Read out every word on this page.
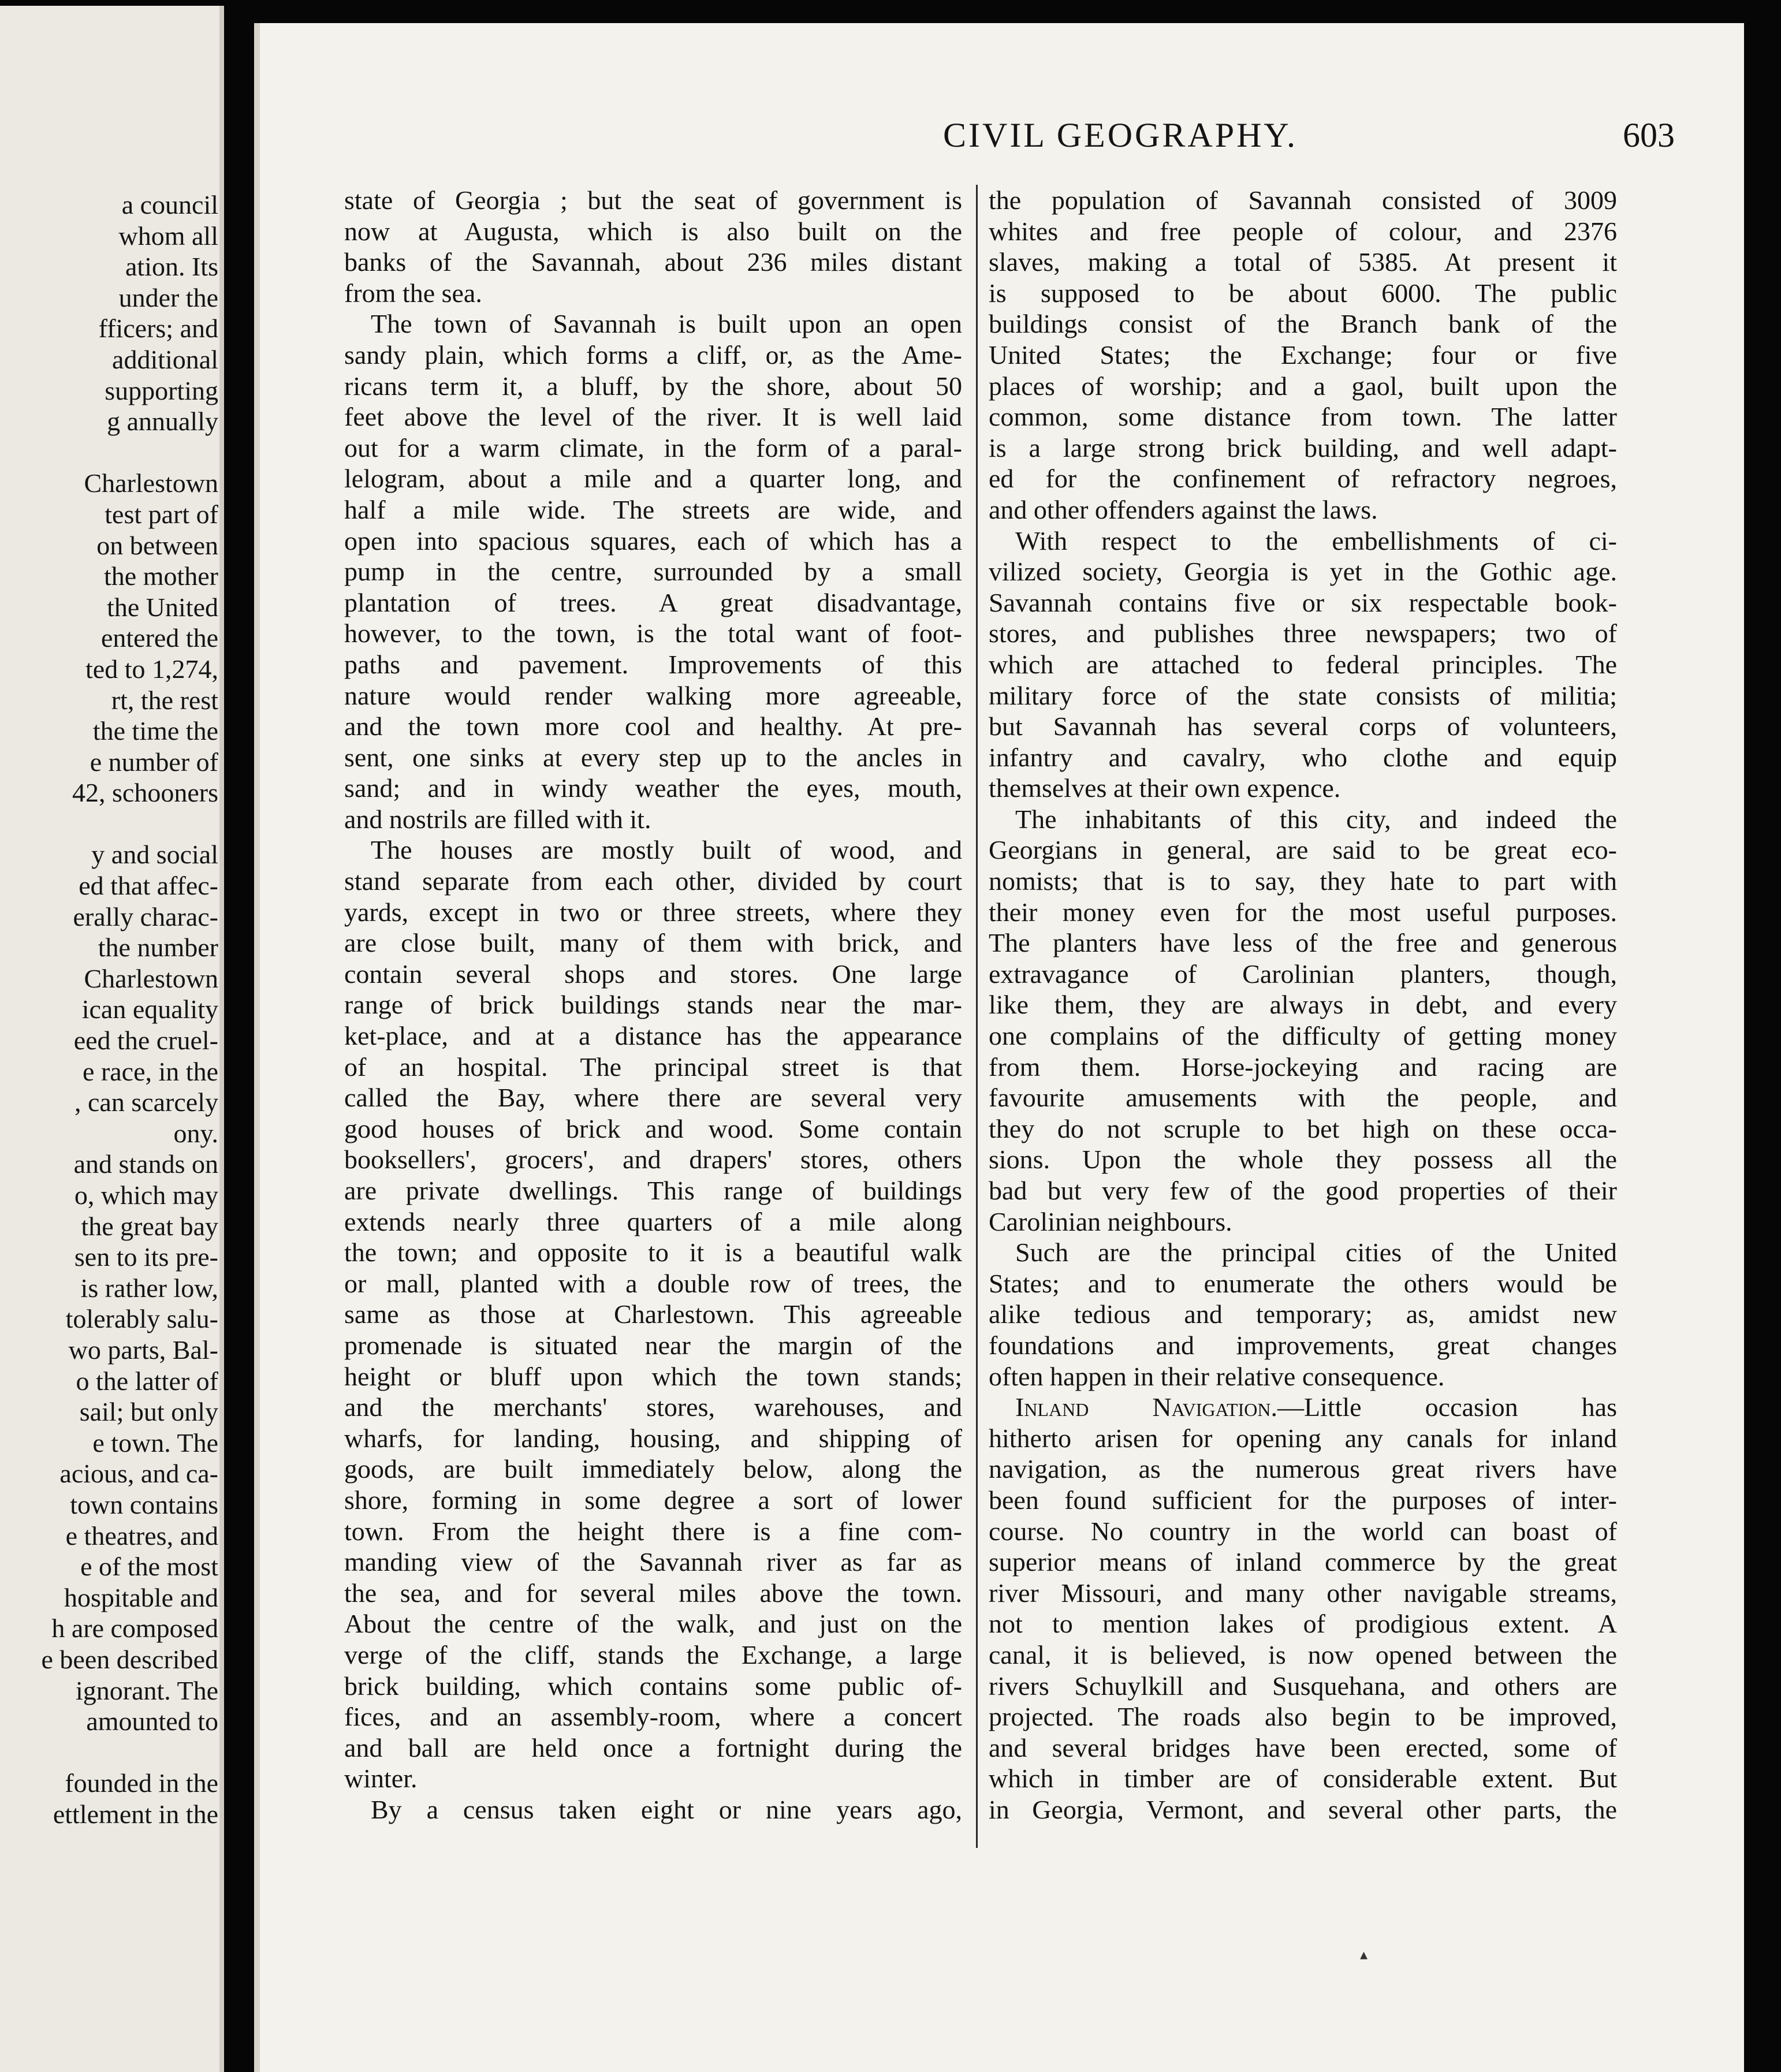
a council
whom all
ation. Its
under the
fficers; and
additional
supporting
g annually
Charlestown
test part of
on between
the mother
the United
entered the
ted to 1,274,
rt, the rest
the time the
e number of
42, schooners
y and social
ed that affec-
erally charac-
the number
Charlestown
ican equality
eed the cruel-
e race, in the
, can scarcely
ony.
and stands on
o, which may
the great bay
sen to its pre-
is rather low,
tolerably salu-
wo parts, Bal-
o the latter of
sail; but only
e town. The
acious, and ca-
town contains
e theatres, and
e of the most
hospitable and
h are composed
e been described
ignorant. The
amounted to
founded in the
ettlement in the
CIVIL GEOGRAPHY.	603
state of Georgia ; but the seat of government is
now at Augusta, which is also built on the
banks of the Savannah, about 236 miles distant
from the sea.
The town of Savannah is built upon an open
sandy plain, which forms a cliff, or, as the Ame-
ricans term it, a bluff, by the shore, about 50
feet above the level of the river. It is well laid
out for a warm climate, in the form of a paral-
lelogram, about a mile and a quarter long, and
half a mile wide. The streets are wide, and
open into spacious squares, each of which has a
pump in the centre, surrounded by a small
plantation of trees. A great disadvantage,
however, to the town, is the total want of foot-
paths and pavement. Improvements of this
nature would render walking more agreeable,
and the town more cool and healthy. At pre-
sent, one sinks at every step up to the ancles in
sand; and in windy weather the eyes, mouth,
and nostrils are filled with it.
The houses are mostly built of wood, and
stand separate from each other, divided by court
yards, except in two or three streets, where they
are close built, many of them with brick, and
contain several shops and stores. One large
range of brick buildings stands near the mar-
ket-place, and at a distance has the appearance
of an hospital. The principal street is that
called the Bay, where there are several very
good houses of brick and wood. Some contain
booksellers', grocers', and drapers' stores, others
are private dwellings. This range of buildings
extends nearly three quarters of a mile along
the town; and opposite to it is a beautiful walk
or mall, planted with a double row of trees, the
same as those at Charlestown. This agreeable
promenade is situated near the margin of the
height or bluff upon which the town stands;
and the merchants' stores, warehouses, and
wharfs, for landing, housing, and shipping of
goods, are built immediately below, along the
shore, forming in some degree a sort of lower
town. From the height there is a fine com-
manding view of the Savannah river as far as
the sea, and for several miles above the town.
About the centre of the walk, and just on the
verge of the cliff, stands the Exchange, a large
brick building, which contains some public of-
fices, and an assembly-room, where a concert
and ball are held once a fortnight during the
winter.
By a census taken eight or nine years ago,
the population of Savannah consisted of 3009
whites and free people of colour, and 2376
slaves, making a total of 5385. At present it
is supposed to be about 6000. The public
buildings consist of the Branch bank of the
United States; the Exchange; four or five
places of worship; and a gaol, built upon the
common, some distance from town. The latter
is a large strong brick building, and well adapt-
ed for the confinement of refractory negroes,
and other offenders against the laws.
With respect to the embellishments of ci-
vilized society, Georgia is yet in the Gothic age.
Savannah contains five or six respectable book-
stores, and publishes three newspapers; two of
which are attached to federal principles. The
military force of the state consists of militia;
but Savannah has several corps of volunteers,
infantry and cavalry, who clothe and equip
themselves at their own expence.
The inhabitants of this city, and indeed the
Georgians in general, are said to be great eco-
nomists; that is to say, they hate to part with
their money even for the most useful purposes.
The planters have less of the free and generous
extravagance of Carolinian planters, though,
like them, they are always in debt, and every
one complains of the difficulty of getting money
from them. Horse-jockeying and racing are
favourite amusements with the people, and
they do not scruple to bet high on these occa-
sions. Upon the whole they possess all the
bad but very few of the good properties of their
Carolinian neighbours.
Such are the principal cities of the United
States; and to enumerate the others would be
alike tedious and temporary; as, amidst new
foundations and improvements, great changes
often happen in their relative consequence.
Inland Navigation.—Little occasion has
hitherto arisen for opening any canals for inland
navigation, as the numerous great rivers have
been found sufficient for the purposes of inter-
course. No country in the world can boast of
superior means of inland commerce by the great
river Missouri, and many other navigable streams,
not to mention lakes of prodigious extent. A
canal, it is believed, is now opened between the
rivers Schuylkill and Susquehana, and others are
projected. The roads also begin to be improved,
and several bridges have been erected, some of
which in timber are of considerable extent. But
in Georgia, Vermont, and several other parts, the
▴
